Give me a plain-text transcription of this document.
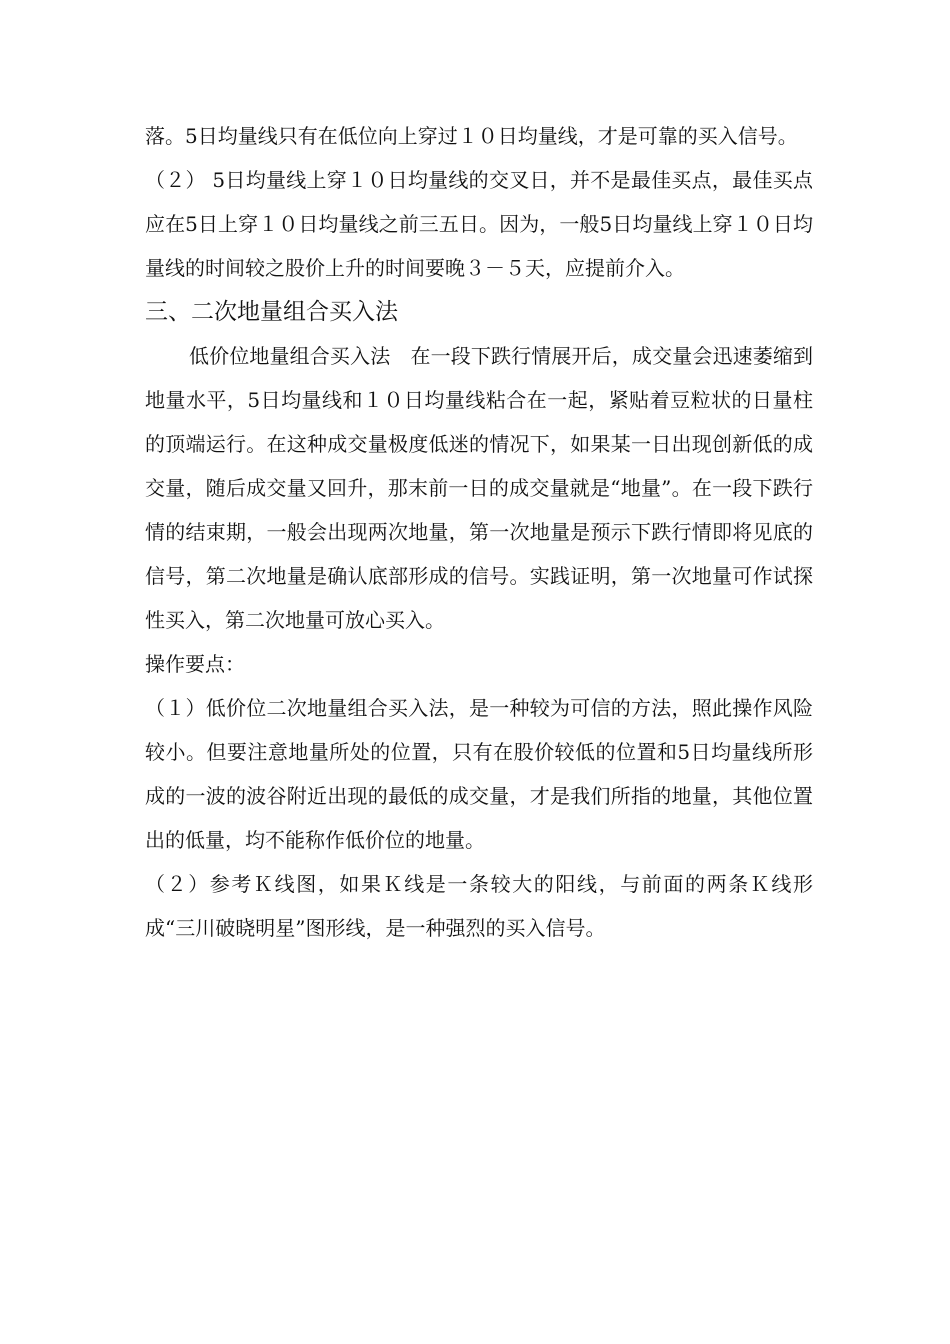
落。5日均量线只有在低位向上穿过１０日均量线，才是可靠的买入信号。

（２） 5日均量线上穿１０日均量线的交叉日，并不是最佳买点，最佳买点应在5日上穿１０日均量线之前三五日。因为，一般5日均量线上穿１０日均量线的时间较之股价上升的时间要晚３－５天，应提前介入。

三、二次地量组合买入法

低价位地量组合买入法　在一段下跌行情展开后，成交量会迅速萎缩到地量水平，5日均量线和１０日均量线粘合在一起，紧贴着豆粒状的日量柱的顶端运行。在这种成交量极度低迷的情况下，如果某一日出现创新低的成交量，随后成交量又回升，那末前一日的成交量就是“地量”。在一段下跌行情的结束期，一般会出现两次地量，第一次地量是预示下跌行情即将见底的信号，第二次地量是确认底部形成的信号。实践证明，第一次地量可作试探性买入，第二次地量可放心买入。

操作要点：

（１）低价位二次地量组合买入法，是一种较为可信的方法，照此操作风险较小。但要注意地量所处的位置，只有在股价较低的位置和5日均量线所形成的一波的波谷附近出现的最低的成交量，才是我们所指的地量，其他位置出的低量，均不能称作低价位的地量。

（２）参考Ｋ线图，如果Ｋ线是一条较大的阳线，与前面的两条Ｋ线形成“三川破晓明星”图形线，是一种强烈的买入信号。
